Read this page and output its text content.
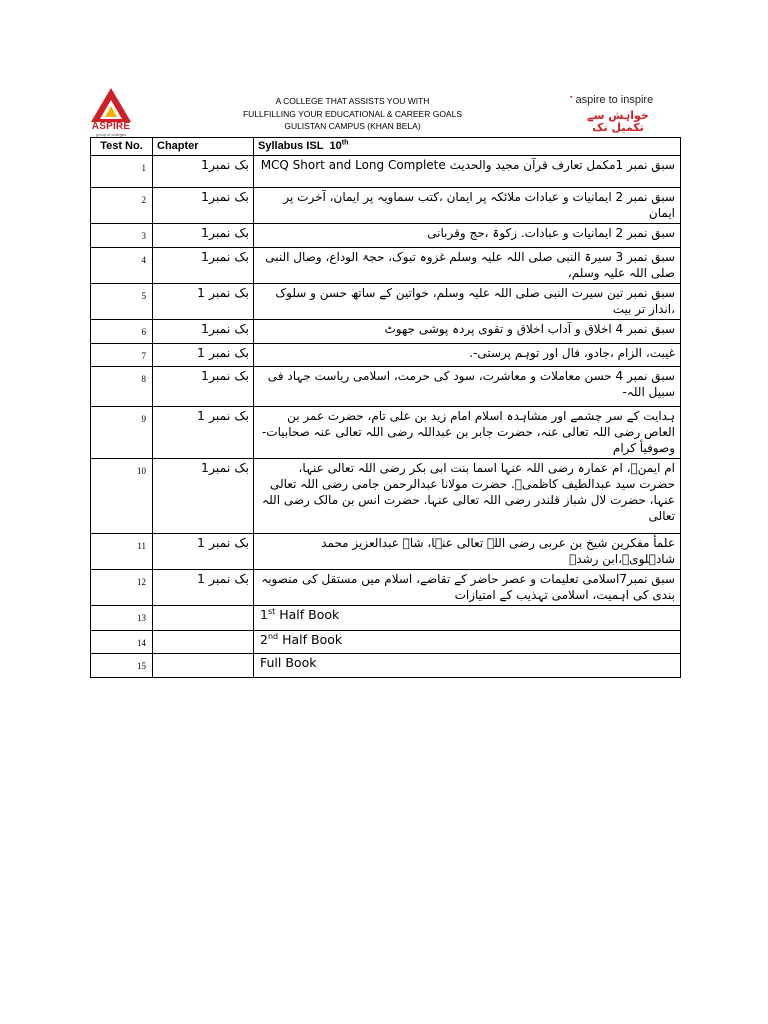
ASPIRE
group of colleges
A COLLEGE THAT ASSISTS YOU WITH
FULLFILLING YOUR EDUCATIONAL & CAREER GOALS
GULISTAN CAMPUS (KHAN BELA)
▪ aspire to inspire
خواہش سے
تکمیل تک
Test No.	Chapter	Syllabus ISL 10th
1	بک نمبر1	سبق نمبر 1مکمل تعارف قرآن مجید والحدیث MCQ Short and Long Complete
2	بک نمبر1	سبق نمبر 2 ایمانیات و عبادات ملائکہ پر ایمان ،کتب سماویہ پر ایمان، آخرت پر ایمان
3	بک نمبر1	سبق نمبر 2 ایمانیات و عبادات. زکوۃ ،حج وقربانی
4	بک نمبر1	سبق نمبر 3 سیرۃ النبی صلی اللہ علیہ وسلم غزوہ تبوک، حجۃ الوداع، وصال النبی صلی اللہ علیہ وسلم،
5	بک نمبر 1	سبق نمبر تین سیرت النبی صلی اللہ علیہ وسلم، خواتین کے ساتھ حسن و سلوک ،انداز تر بیت
6	بک نمبر1	سبق نمبر 4 اخلاق و آداب اخلاق و تقوی پردہ پوشی جھوٹ
7	بک نمبر 1	غیبت، الزام ،جادو، فال اور توہم پرستی-.
8	بک نمبر1	سبق نمبر 4 حسن معاملات و معاشرت، سود کی حرمت، اسلامی ریاست جہاد فی سبیل اللہ-
9	بک نمبر 1	ہدایت کے سر چشمے اور مشاہدہ اسلام امام زید بن علی تام، حضرت عمر بن العاص رضی اللہ تعالی عنہ، حضرت جابر بن عبداللہ رضی اللہ تعالی عنہ صحابیات-وصوفیأ کرام
10	بک نمبر1	ام ایمنؓ، ام عمارہ رضی اللہ عنہا اسما بنت ابی بکر رضی اللہ تعالی عنہا، حضرت سید عبدالطیف کاظمیؒ. حضرت مولانا عبدالرحمن جامی رضی اللہ تعالی عنہا، حضرت لال شباز قلندر رضی اللہ تعالی عنہا. حضرت انس بن مالک رضی اللہ تعالی
11	بک نمبر 1	علمأ مفکرین شیخ بن عربی رضی اللہ تعالی عنہا، شاہ عبدالعزیز محمد شادہلویؒ،ابن رشدؒ
12	بک نمبر 1	سبق نمبر7اسلامی تعلیمات و عصر حاضر کے تقاضے، اسلام میں مستقل کی منصوبہ بندی کی اہمیت، اسلامی تہذیب کے امتیازات
13		1st Half Book
14		2nd Half Book
15		Full Book
